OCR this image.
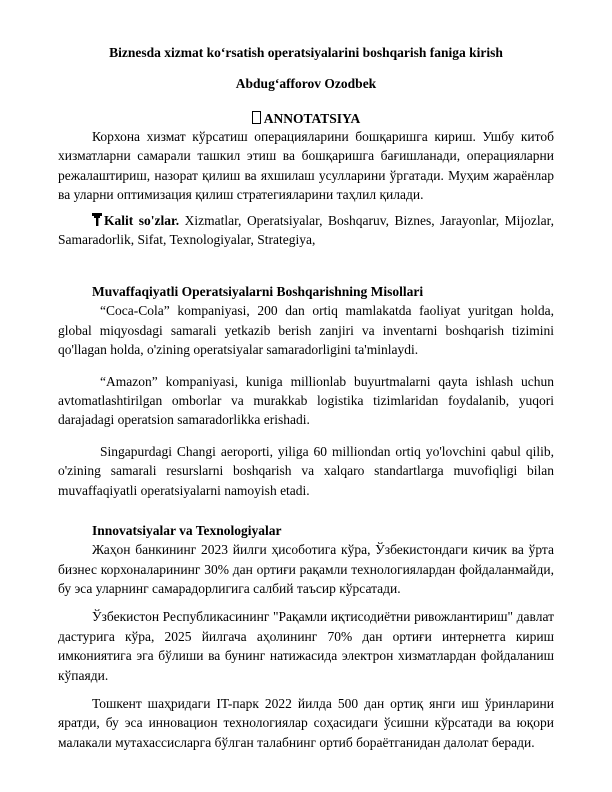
Biznesda xizmat ko‘rsatish operatsiyalarini boshqarish faniga kirish
Abdug‘afforov Ozodbek
ANNOTATSIYA

Корхона хизмат кўрсатиш операцияларини бошқаришга кириш. Ушбу китоб хизматларни самарали ташкил этиш ва бошқаришга бағишланади, операцияларни режалаштириш, назорат қилиш ва яхшилаш усулларини ўргатади. Муҳим жараёнлар ва уларни оптимизация қилиш стратегияларини таҳлил қилади.

Kalit so'zlar. Xizmatlar, Operatsiyalar, Boshqaruv, Biznes, Jarayonlar, Mijozlar, Samaradorlik, Sifat, Texnologiyalar, Strategiya,

Muvaffaqiyatli Operatsiyalarni Boshqarishning Misollari

“Coca-Cola” kompaniyasi, 200 dan ortiq mamlakatda faoliyat yuritgan holda, global miqyosdagi samarali yetkazib berish zanjiri va inventarni boshqarish tizimini qo'llagan holda, o'zining operatsiyalar samaradorligini ta'minlaydi.

“Amazon” kompaniyasi, kuniga millionlab buyurtmalarni qayta ishlash uchun avtomatlashtirilgan omborlar va murakkab logistika tizimlaridan foydalanib, yuqori darajadagi operatsion samaradorlikka erishadi.

Singapurdagi Changi aeroporti, yiliga 60 milliondan ortiq yo'lovchini qabul qilib, o'zining samarali resurslarni boshqarish va xalqaro standartlarga muvofiqligi bilan muvaffaqiyatli operatsiyalarni namoyish etadi.

Innovatsiyalar va Texnologiyalar

Жаҳон банкининг 2023 йилги ҳисоботига кўра, Ўзбекистондаги кичик ва ўрта бизнес корхоналарининг 30% дан ортиғи рақамли технологиялардан фойдаланмайди, бу эса уларнинг самарадорлигига салбий таъсир кўрсатади.

Ўзбекистон Республикасининг "Рақамли иқтисодиётни ривожлантириш" давлат дастурига кўра, 2025 йилгача аҳолининг 70% дан ортиғи интернетга кириш имкониятига эга бўлиши ва бунинг натижасида электрон хизматлардан фойдаланиш кўпаяди.

Тошкент шаҳридаги IT-парк 2022 йилда 500 дан ортиқ янги иш ўринларини яратди, бу эса инновацион технологиялар соҳасидаги ўсишни кўрсатади ва юқори малакали мутахассисларга бўлган талабнинг ортиб бораётганидан далолат беради.
